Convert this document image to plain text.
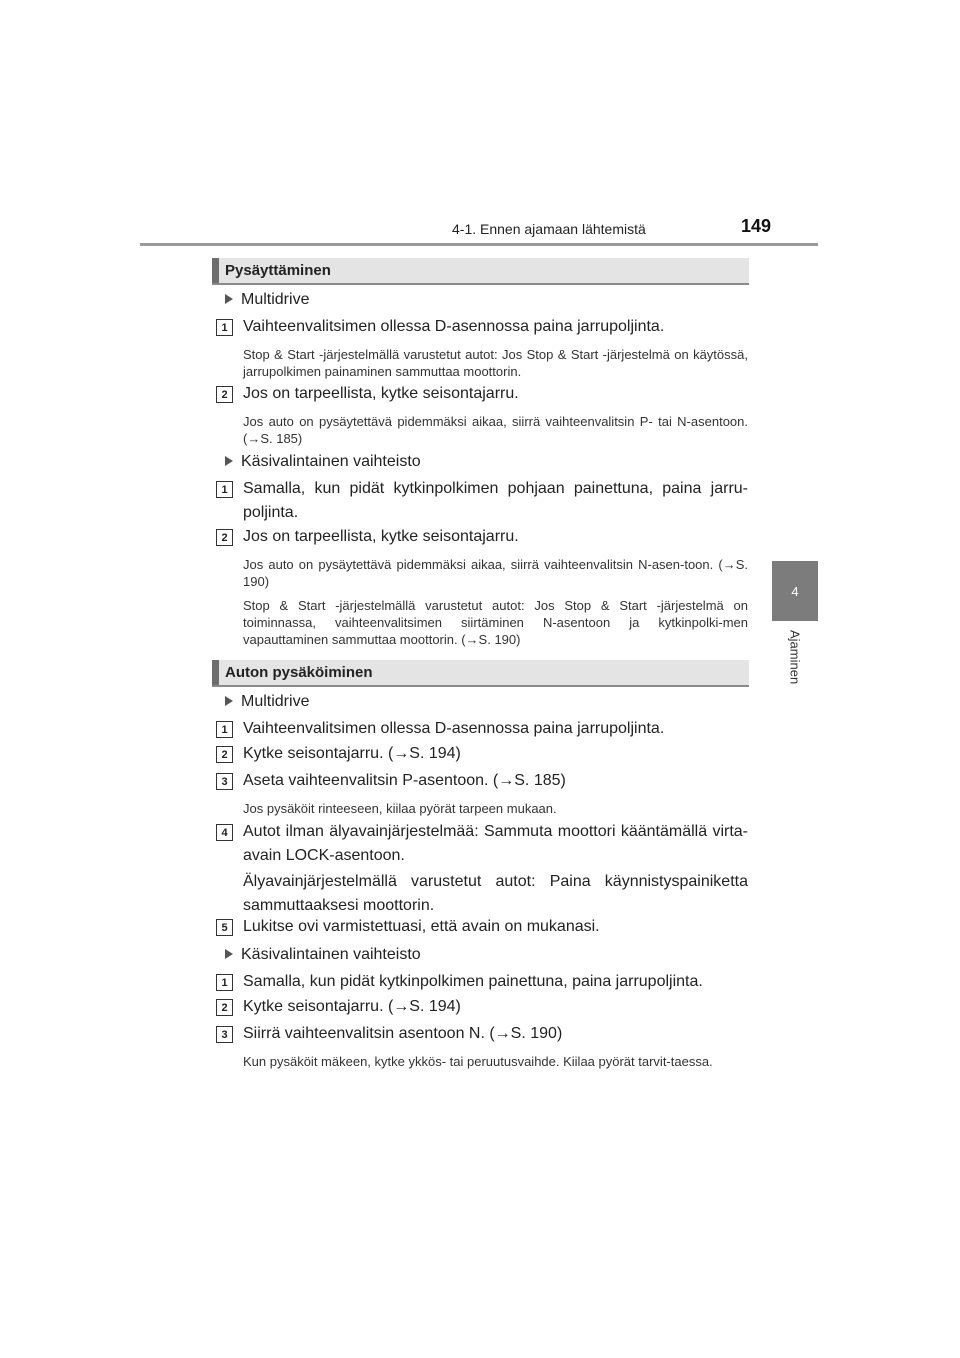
4-1. Ennen ajamaan lähtemistä	149
4
Ajaminen
Pysäyttäminen
Multidrive
1 Vaihteenvalitsimen ollessa D-asennossa paina jarrupoljinta.
Stop & Start -järjestelmällä varustetut autot: Jos Stop & Start -järjestelmä on käytössä, jarrupolkimen painaminen sammuttaa moottorin.
2 Jos on tarpeellista, kytke seisontajarru.
Jos auto on pysäytettävä pidemmäksi aikaa, siirrä vaihteenvalitsin P- tai N-asentoon. (→S. 185)
Käsivalintainen vaihteisto
1 Samalla, kun pidät kytkinpolkimen pohjaan painettuna, paina jarru-poljinta.
2 Jos on tarpeellista, kytke seisontajarru.
Jos auto on pysäytettävä pidemmäksi aikaa, siirrä vaihteenvalitsin N-asen-toon. (→S. 190)
Stop & Start -järjestelmällä varustetut autot: Jos Stop & Start -järjestelmä on toiminnassa, vaihteenvalitsimen siirtäminen N-asentoon ja kytkinpolki-men vapauttaminen sammuttaa moottorin. (→S. 190)
Auton pysäköiminen
Multidrive
1 Vaihteenvalitsimen ollessa D-asennossa paina jarrupoljinta.
2 Kytke seisontajarru. (→S. 194)
3 Aseta vaihteenvalitsin P-asentoon. (→S. 185)
Jos pysäköit rinteeseen, kiilaa pyörät tarpeen mukaan.
4 Autot ilman älyavainjärjestelmää: Sammuta moottori kääntämällä virta-avain LOCK-asentoon.
Älyavainjärjestelmällä varustetut autot: Paina käynnistyspainiketta sammuttaaksesi moottorin.
5 Lukitse ovi varmistettuasi, että avain on mukanasi.
Käsivalintainen vaihteisto
1 Samalla, kun pidät kytkinpolkimen painettuna, paina jarrupoljinta.
2 Kytke seisontajarru. (→S. 194)
3 Siirrä vaihteenvalitsin asentoon N. (→S. 190)
Kun pysäköit mäkeen, kytke ykkös- tai peruutusvaihde. Kiilaa pyörät tarvit-taessa.
